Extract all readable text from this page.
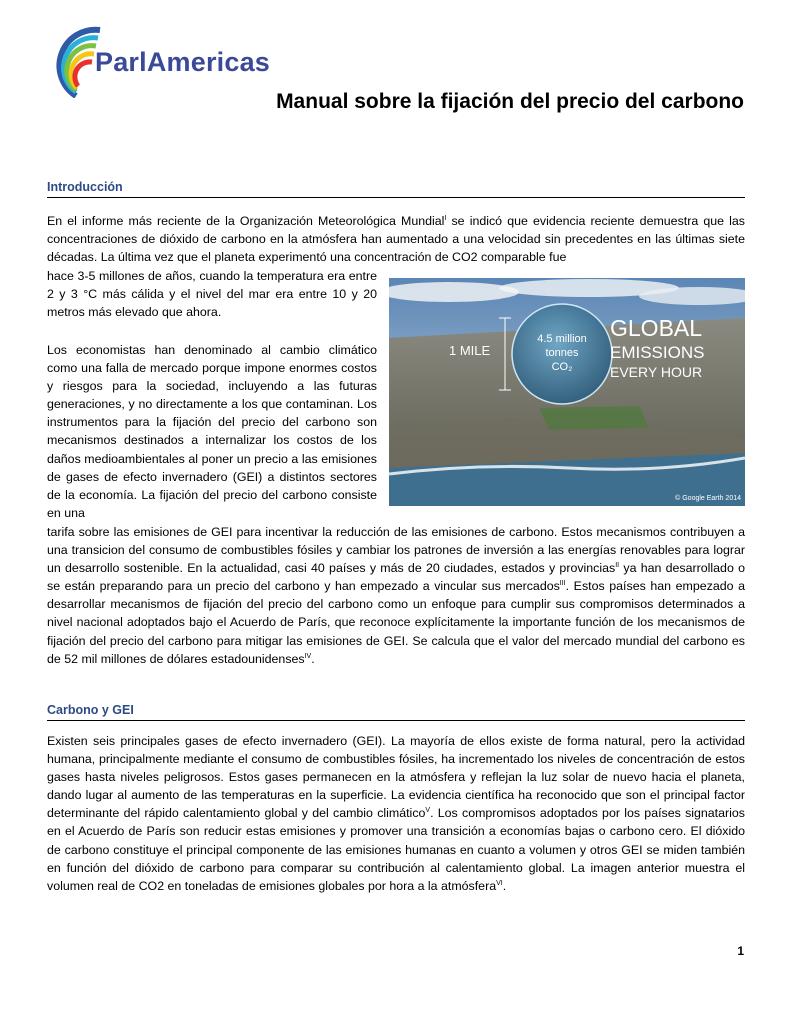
ParlAmericas
Manual sobre la fijación del precio del carbono
Introducción

En el informe más reciente de la Organización Meteorológica Mundial$^I$ se indicó que evidencia reciente demuestra que las concentraciones de dióxido de carbono en la atmósfera han aumentado a una velocidad sin precedentes en las últimas siete décadas. La última vez que el planeta experimentó una concentración de CO2 comparable fue

hace 3-5 millones de años, cuando la temperatura era entre 2 y 3 °C más cálida y el nivel del mar era entre 10 y 20 metros más elevado que ahora.

Los economistas han denominado al cambio climático como una falla de mercado porque impone enormes costos y riesgos para la sociedad, incluyendo a las futuras generaciones, y no directamente a los que contaminan. Los instrumentos para la fijación del precio del carbono son mecanismos destinados a internalizar los costos de los daños medioambientales al poner un precio a las emisiones de gases de efecto invernadero (GEI) a distintos sectores de la economía. La fijación del precio del carbono consiste en una

1 MILE
4.5 million
tonnes
CO₂
GLOBAL
EMISSIONS
EVERY HOUR
© Google Earth 2014

tarifa sobre las emisiones de GEI para incentivar la reducción de las emisiones de carbono. Estos mecanismos contribuyen a una transicion del consumo de combustibles fósiles y cambiar los patrones de inversión a las energías renovables para lograr un desarrollo sostenible. En la actualidad, casi 40 países y más de 20 ciudades, estados y provincias$^{II}$ ya han desarrollado o se están preparando para un precio del carbono y han empezado a vincular sus mercados$^{III}$. Estos países han empezado a desarrollar mecanismos de fijación del precio del carbono como un enfoque para cumplir sus compromisos determinados a nivel nacional adoptados bajo el Acuerdo de París, que reconoce explícitamente la importante función de los mecanismos de fijación del precio del carbono para mitigar las emisiones de GEI. Se calcula que el valor del mercado mundial del carbono es de 52 mil millones de dólares estadounidenses$^{IV}$.

Carbono y GEI

Existen seis principales gases de efecto invernadero (GEI). La mayoría de ellos existe de forma natural, pero la actividad humana, principalmente mediante el consumo de combustibles fósiles, ha incrementado los niveles de concentración de estos gases hasta niveles peligrosos. Estos gases permanecen en la atmósfera y reflejan la luz solar de nuevo hacia el planeta, dando lugar al aumento de las temperaturas en la superficie. La evidencia científica ha reconocido que son el principal factor determinante del rápido calentamiento global y del cambio climático$^V$. Los compromisos adoptados por los países signatarios en el Acuerdo de París son reducir estas emisiones y promover una transición a economías bajas o carbono cero. El dióxido de carbono constituye el principal componente de las emisiones humanas en cuanto a volumen y otros GEI se miden también en función del dióxido de carbono para comparar su contribución al calentamiento global. La imagen anterior muestra el volumen real de CO2 en toneladas de emisiones globales por hora a la atmósfera$^{VI}$.

1
